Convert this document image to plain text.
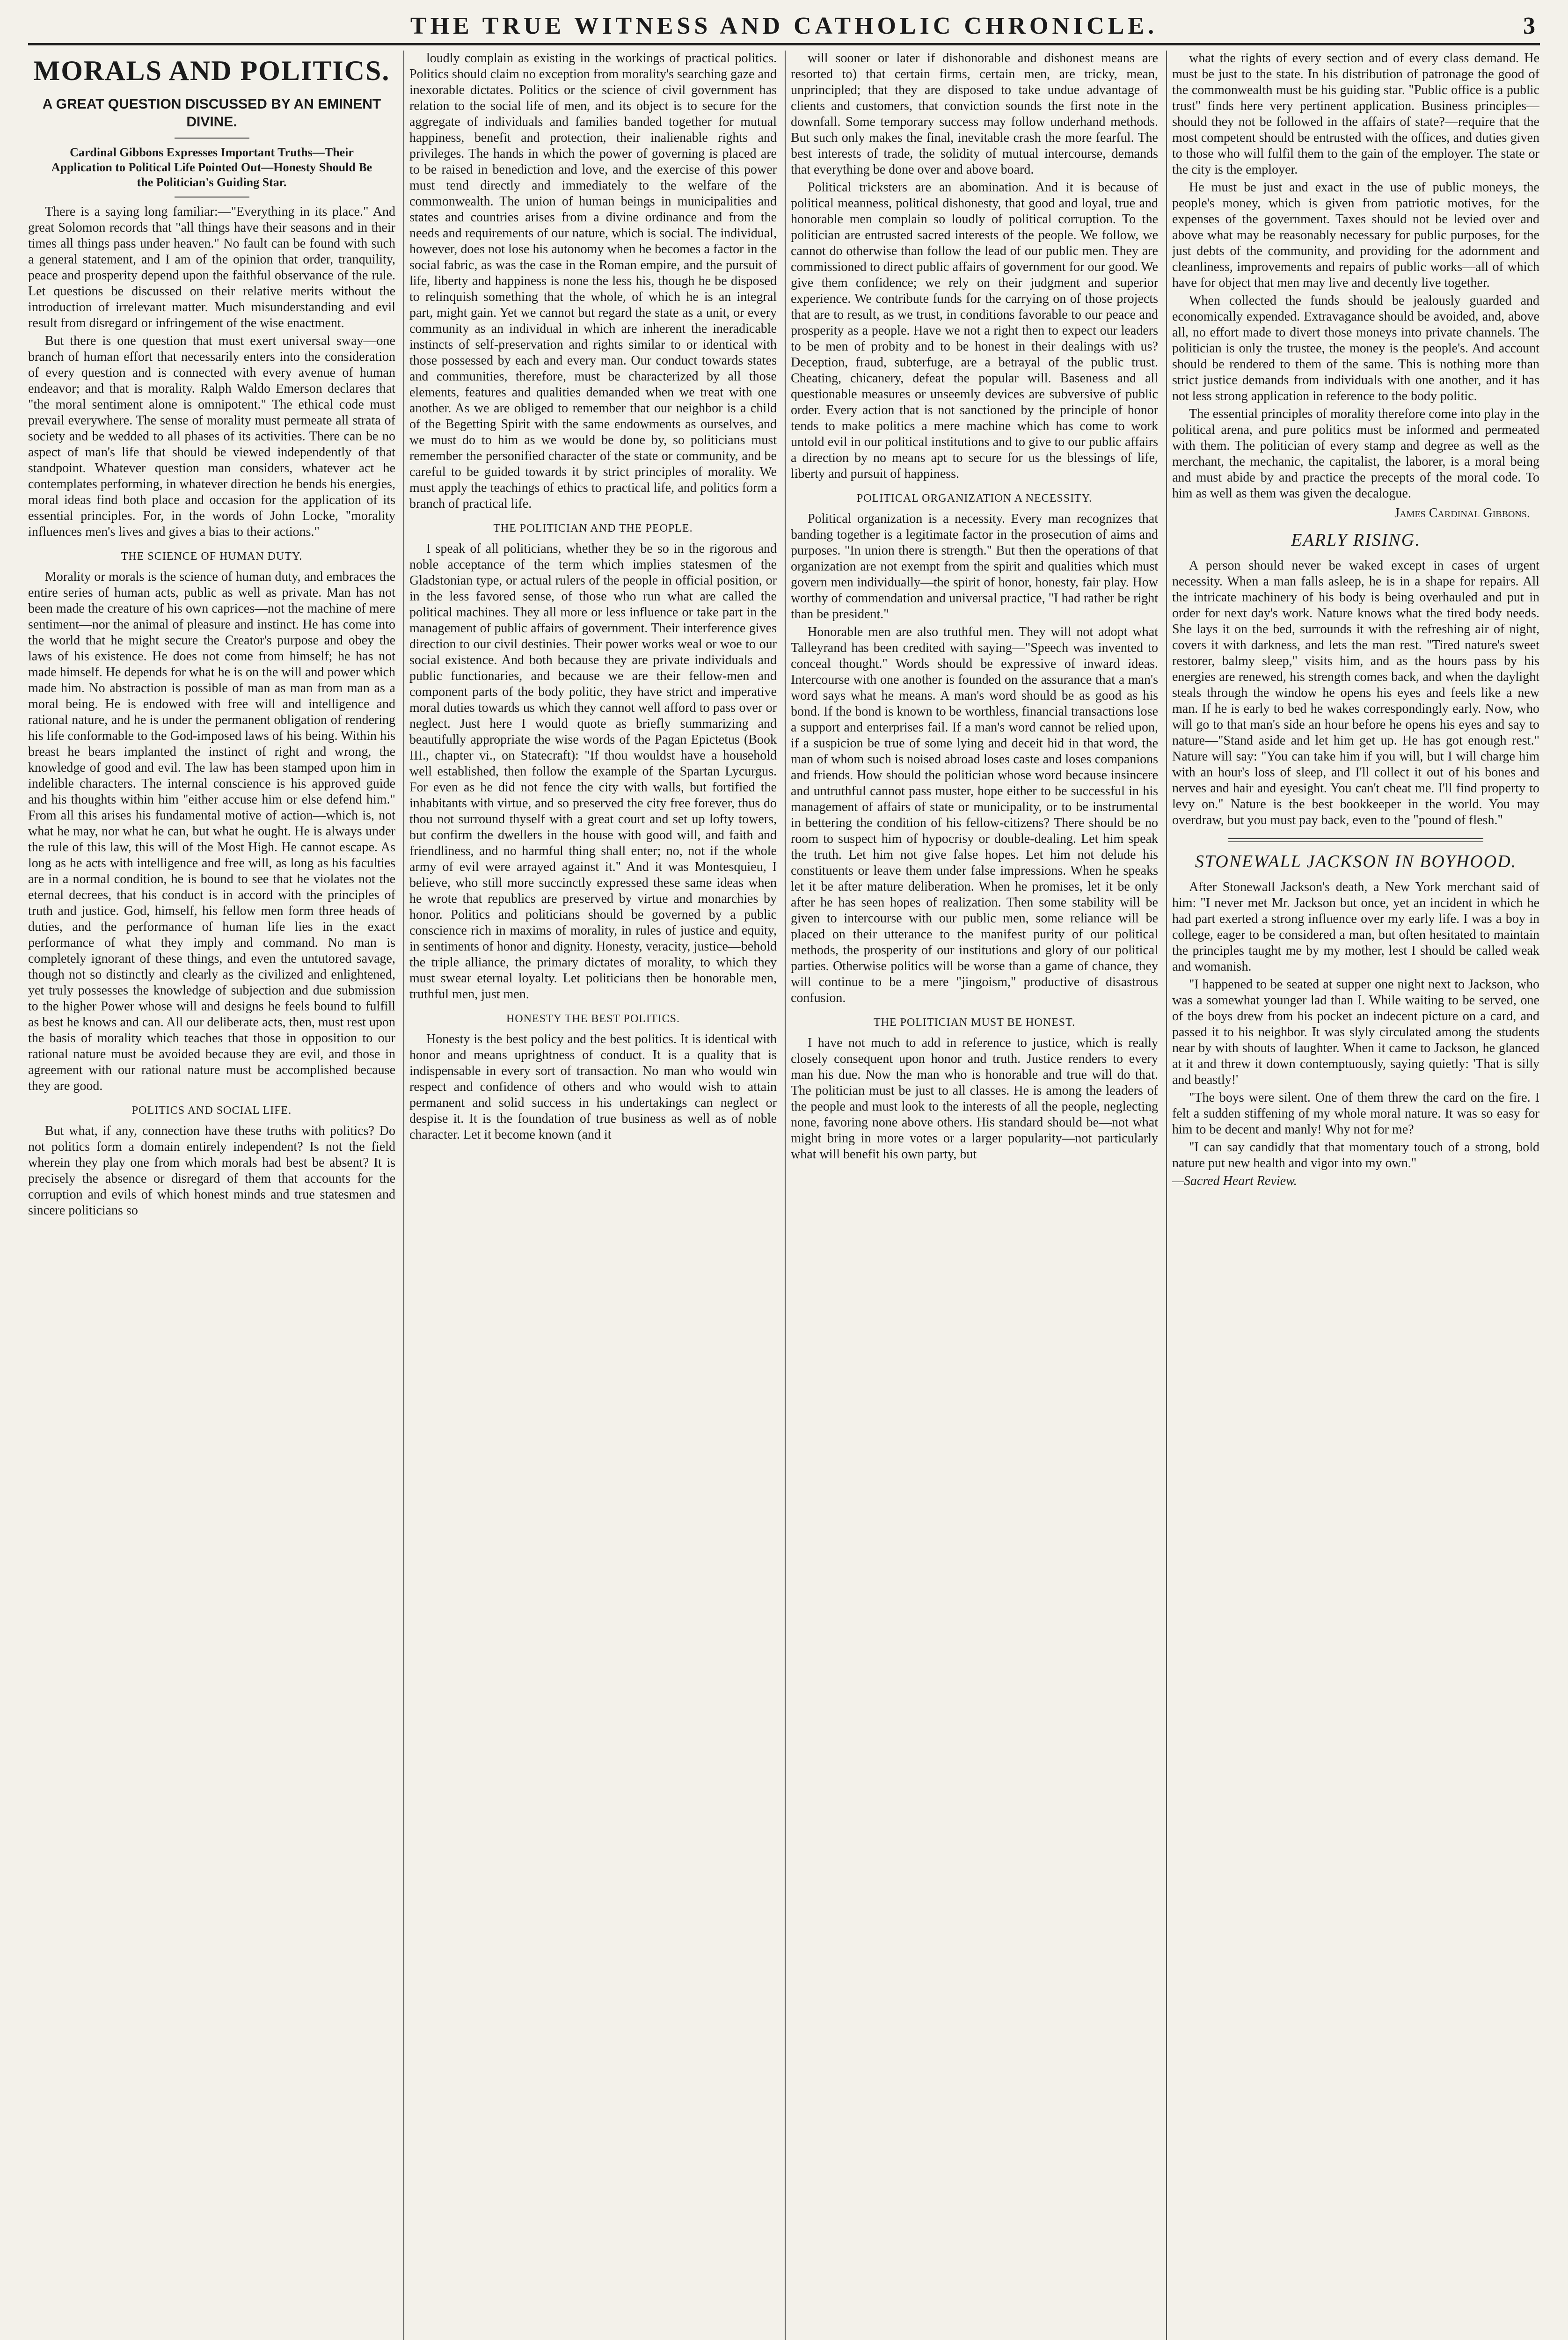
THE TRUE WITNESS AND CATHOLIC CHRONICLE.	3
MORALS AND POLITICS.
A GREAT QUESTION DISCUSSED BY AN EMINENT DIVINE.
Cardinal Gibbons Expresses Important Truths—Their Application to Political Life Pointed Out—Honesty Should Be the Politician's Guiding Star.

There is a saying long familiar:—"Everything in its place." And great Solomon records that "all things have their seasons and in their times all things pass under heaven." No fault can be found with such a general statement, and I am of the opinion that order, tranquility, peace and prosperity depend upon the faithful observance of the rule. Let questions be discussed on their relative merits without the introduction of irrelevant matter. Much misunderstanding and evil result from disregard or infringement of the wise enactment.

But there is one question that must exert universal sway—one branch of human effort that necessarily enters into the consideration of every question and is connected with every avenue of human endeavor; and that is morality. Ralph Waldo Emerson declares that "the moral sentiment alone is omnipotent." The ethical code must prevail everywhere. The sense of morality must permeate all strata of society and be wedded to all phases of its activities. There can be no aspect of man's life that should be viewed independently of that standpoint. Whatever question man considers, whatever act he contemplates performing, in whatever direction he bends his energies, moral ideas find both place and occasion for the application of its essential principles. For, in the words of John Locke, "morality influences men's lives and gives a bias to their actions."

THE SCIENCE OF HUMAN DUTY.

Morality or morals is the science of human duty, and embraces the entire series of human acts, public as well as private. Man has not been made the creature of his own caprices—not the machine of mere sentiment—nor the animal of pleasure and instinct. He has come into the world that he might secure the Creator's purpose and obey the laws of his existence. He does not come from himself; he has not made himself. He depends for what he is on the will and power which made him. No abstraction is possible of man as man from man as a moral being. He is endowed with free will and intelligence and rational nature, and he is under the permanent obligation of rendering his life conformable to the God-imposed laws of his being. Within his breast he bears implanted the instinct of right and wrong, the knowledge of good and evil. The law has been stamped upon him in indelible characters. The internal conscience is his approved guide and his thoughts within him "either accuse him or else defend him." From all this arises his fundamental motive of action—which is, not what he may, nor what he can, but what he ought. He is always under the rule of this law, this will of the Most High. He cannot escape. As long as he acts with intelligence and free will, as long as his faculties are in a normal condition, he is bound to see that he violates not the eternal decrees, that his conduct is in accord with the principles of truth and justice. God, himself, his fellow men form three heads of duties, and the performance of human life lies in the exact performance of what they imply and command. No man is completely ignorant of these things, and even the untutored savage, though not so distinctly and clearly as the civilized and enlightened, yet truly possesses the knowledge of subjection and due submission to the higher Power whose will and designs he feels bound to fulfill as best he knows and can. All our deliberate acts, then, must rest upon the basis of morality which teaches that those in opposition to our rational nature must be avoided because they are evil, and those in agreement with our rational nature must be accomplished because they are good.

POLITICS AND SOCIAL LIFE.

But what, if any, connection have these truths with politics? Do not politics form a domain entirely independent? Is not the field wherein they play one from which morals had best be absent? It is precisely the absence or disregard of them that accounts for the corruption and evils of which honest minds and true statesmen and sincere politicians so

loudly complain as existing in the workings of practical politics. Politics should claim no exception from morality's searching gaze and inexorable dictates. Politics or the science of civil government has relation to the social life of men, and its object is to secure for the aggregate of individuals and families banded together for mutual happiness, benefit and protection, their inalienable rights and privileges. The hands in which the power of governing is placed are to be raised in benediction and love, and the exercise of this power must tend directly and immediately to the welfare of the commonwealth. The union of human beings in municipalities and states and countries arises from a divine ordinance and from the needs and requirements of our nature, which is social. The individual, however, does not lose his autonomy when he becomes a factor in the social fabric, as was the case in the Roman empire, and the pursuit of life, liberty and happiness is none the less his, though he be disposed to relinquish something that the whole, of which he is an integral part, might gain. Yet we cannot but regard the state as a unit, or every community as an individual in which are inherent the ineradicable instincts of self-preservation and rights similar to or identical with those possessed by each and every man. Our conduct towards states and communities, therefore, must be characterized by all those elements, features and qualities demanded when we treat with one another. As we are obliged to remember that our neighbor is a child of the Begetting Spirit with the same endowments as ourselves, and we must do to him as we would be done by, so politicians must remember the personified character of the state or community, and be careful to be guided towards it by strict principles of morality. We must apply the teachings of ethics to practical life, and politics form a branch of practical life.

THE POLITICIAN AND THE PEOPLE.

I speak of all politicians, whether they be so in the rigorous and noble acceptance of the term which implies statesmen of the Gladstonian type, or actual rulers of the people in official position, or in the less favored sense, of those who run what are called the political machines. They all more or less influence or take part in the management of public affairs of government. Their interference gives direction to our civil destinies. Their power works weal or woe to our social existence. And both because they are private individuals and public functionaries, and because we are their fellow-men and component parts of the body politic, they have strict and imperative moral duties towards us which they cannot well afford to pass over or neglect. Just here I would quote as briefly summarizing and beautifully appropriate the wise words of the Pagan Epictetus (Book III., chapter vi., on Statecraft): "If thou wouldst have a household well established, then follow the example of the Spartan Lycurgus. For even as he did not fence the city with walls, but fortified the inhabitants with virtue, and so preserved the city free forever, thus do thou not surround thyself with a great court and set up lofty towers, but confirm the dwellers in the house with good will, and faith and friendliness, and no harmful thing shall enter; no, not if the whole army of evil were arrayed against it." And it was Montesquieu, I believe, who still more succinctly expressed these same ideas when he wrote that republics are preserved by virtue and monarchies by honor. Politics and politicians should be governed by a public conscience rich in maxims of morality, in rules of justice and equity, in sentiments of honor and dignity. Honesty, veracity, justice—behold the triple alliance, the primary dictates of morality, to which they must swear eternal loyalty. Let politicians then be honorable men, truthful men, just men.

HONESTY THE BEST POLITICS.

Honesty is the best policy and the best politics. It is identical with honor and means uprightness of conduct. It is a quality that is indispensable in every sort of transaction. No man who would win respect and confidence of others and who would wish to attain permanent and solid success in his undertakings can neglect or despise it. It is the foundation of true business as well as of noble character. Let it become known (and it

will sooner or later if dishonorable and dishonest means are resorted to) that certain firms, certain men, are tricky, mean, unprincipled; that they are disposed to take undue advantage of clients and customers, that conviction sounds the first note in the downfall. Some temporary success may follow underhand methods. But such only makes the final, inevitable crash the more fearful. The best interests of trade, the solidity of mutual intercourse, demands that everything be done over and above board.

Political tricksters are an abomination. And it is because of political meanness, political dishonesty, that good and loyal, true and honorable men complain so loudly of political corruption. To the politician are entrusted sacred interests of the people. We follow, we cannot do otherwise than follow the lead of our public men. They are commissioned to direct public affairs of government for our good. We give them confidence; we rely on their judgment and superior experience. We contribute funds for the carrying on of those projects that are to result, as we trust, in conditions favorable to our peace and prosperity as a people. Have we not a right then to expect our leaders to be men of probity and to be honest in their dealings with us? Deception, fraud, subterfuge, are a betrayal of the public trust. Cheating, chicanery, defeat the popular will. Baseness and all questionable measures or unseemly devices are subversive of public order. Every action that is not sanctioned by the principle of honor tends to make politics a mere machine which has come to work untold evil in our political institutions and to give to our public affairs a direction by no means apt to secure for us the blessings of life, liberty and pursuit of happiness.

POLITICAL ORGANIZATION A NECESSITY.

Political organization is a necessity. Every man recognizes that banding together is a legitimate factor in the prosecution of aims and purposes. "In union there is strength." But then the operations of that organization are not exempt from the spirit and qualities which must govern men individually—the spirit of honor, honesty, fair play. How worthy of commendation and universal practice, "I had rather be right than be president."

Honorable men are also truthful men. They will not adopt what Talleyrand has been credited with saying—"Speech was invented to conceal thought." Words should be expressive of inward ideas. Intercourse with one another is founded on the assurance that a man's word says what he means. A man's word should be as good as his bond. If the bond is known to be worthless, financial transactions lose a support and enterprises fail. If a man's word cannot be relied upon, if a suspicion be true of some lying and deceit hid in that word, the man of whom such is noised abroad loses caste and loses companions and friends. How should the politician whose word because insincere and untruthful cannot pass muster, hope either to be successful in his management of affairs of state or municipality, or to be instrumental in bettering the condition of his fellow-citizens? There should be no room to suspect him of hypocrisy or double-dealing. Let him speak the truth. Let him not give false hopes. Let him not delude his constituents or leave them under false impressions. When he speaks let it be after mature deliberation. When he promises, let it be only after he has seen hopes of realization. Then some stability will be given to intercourse with our public men, some reliance will be placed on their utterance to the manifest purity of our political methods, the prosperity of our institutions and glory of our political parties. Otherwise politics will be worse than a game of chance, they will continue to be a mere "jingoism," productive of disastrous confusion.

THE POLITICIAN MUST BE HONEST.

I have not much to add in reference to justice, which is really closely consequent upon honor and truth. Justice renders to every man his due. Now the man who is honorable and true will do that. The politician must be just to all classes. He is among the leaders of the people and must look to the interests of all the people, neglecting none, favoring none above others. His standard should be—not what might bring in more votes or a larger popularity—not particularly what will benefit his own party, but

what the rights of every section and of every class demand. He must be just to the state. In his distribution of patronage the good of the commonwealth must be his guiding star. "Public office is a public trust" finds here very pertinent application. Business principles—should they not be followed in the affairs of state?—require that the most competent should be entrusted with the offices, and duties given to those who will fulfil them to the gain of the employer. The state or the city is the employer.

He must be just and exact in the use of public moneys, the people's money, which is given from patriotic motives, for the expenses of the government. Taxes should not be levied over and above what may be reasonably necessary for public purposes, for the just debts of the community, and providing for the adornment and cleanliness, improvements and repairs of public works—all of which have for object that men may live and decently live together.

When collected the funds should be jealously guarded and economically expended. Extravagance should be avoided, and, above all, no effort made to divert those moneys into private channels. The politician is only the trustee, the money is the people's. And account should be rendered to them of the same. This is nothing more than strict justice demands from individuals with one another, and it has not less strong application in reference to the body politic.

The essential principles of morality therefore come into play in the political arena, and pure politics must be informed and permeated with them. The politician of every stamp and degree as well as the merchant, the mechanic, the capitalist, the laborer, is a moral being and must abide by and practice the precepts of the moral code. To him as well as them was given the decalogue.

James Cardinal Gibbons.
EARLY RISING.

A person should never be waked except in cases of urgent necessity. When a man falls asleep, he is in a shape for repairs. All the intricate machinery of his body is being overhauled and put in order for next day's work. Nature knows what the tired body needs. She lays it on the bed, surrounds it with the refreshing air of night, covers it with darkness, and lets the man rest. "Tired nature's sweet restorer, balmy sleep," visits him, and as the hours pass by his energies are renewed, his strength comes back, and when the daylight steals through the window he opens his eyes and feels like a new man. If he is early to bed he wakes correspondingly early. Now, who will go to that man's side an hour before he opens his eyes and say to nature—"Stand aside and let him get up. He has got enough rest." Nature will say: "You can take him if you will, but I will charge him with an hour's loss of sleep, and I'll collect it out of his bones and nerves and hair and eyesight. You can't cheat me. I'll find property to levy on." Nature is the best bookkeeper in the world. You may overdraw, but you must pay back, even to the "pound of flesh."

STONEWALL JACKSON IN BOYHOOD.

After Stonewall Jackson's death, a New York merchant said of him: "I never met Mr. Jackson but once, yet an incident in which he had part exerted a strong influence over my early life. I was a boy in college, eager to be considered a man, but often hesitated to maintain the principles taught me by my mother, lest I should be called weak and womanish.

"I happened to be seated at supper one night next to Jackson, who was a somewhat younger lad than I. While waiting to be served, one of the boys drew from his pocket an indecent picture on a card, and passed it to his neighbor. It was slyly circulated among the students near by with shouts of laughter. When it came to Jackson, he glanced at it and threw it down contemptuously, saying quietly: 'That is silly and beastly!'

"The boys were silent. One of them threw the card on the fire. I felt a sudden stiffening of my whole moral nature. It was so easy for him to be decent and manly! Why not for me?

"I can say candidly that that momentary touch of a strong, bold nature put new health and vigor into my own."

—Sacred Heart Review.
